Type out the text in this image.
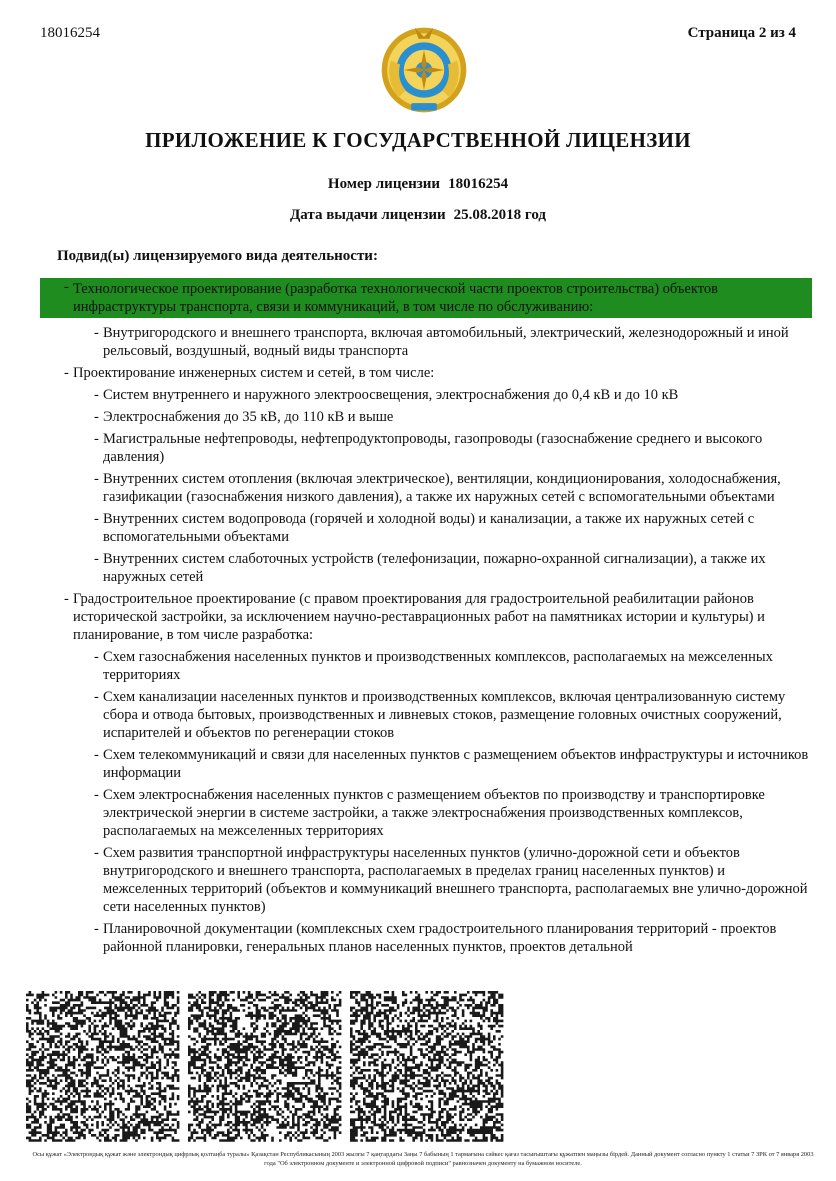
18016254	Страница 2 из 4
ПРИЛОЖЕНИЕ К ГОСУДАРСТВЕННОЙ ЛИЦЕНЗИИ
Номер лицензии 18016254
Дата выдачи лицензии 25.08.2018 год
Подвид(ы) лицензируемого вида деятельности:
- Технологическое проектирование (разработка технологической части проектов строительства) объектов инфраструктуры транспорта, связи и коммуникаций, в том числе по обслуживанию:
- Внутригородского и внешнего транспорта, включая автомобильный, электрический, железнодорожный и иной рельсовый, воздушный, водный виды транспорта
- Проектирование инженерных систем и сетей, в том числе:
- Систем внутреннего и наружного электроосвещения, электроснабжения до 0,4 кВ и до 10 кВ
- Электроснабжения до 35 кВ, до 110 кВ и выше
- Магистральные нефтепроводы, нефтепродуктопроводы, газопроводы (газоснабжение среднего и высокого давления)
- Внутренних систем отопления (включая электрическое), вентиляции, кондиционирования, холодоснабжения, газификации (газоснабжения низкого давления), а также их наружных сетей с вспомогательными объектами
- Внутренних систем водопровода (горячей и холодной воды) и канализации, а также их наружных сетей с вспомогательными объектами
- Внутренних систем слаботочных устройств (телефонизации, пожарно-охранной сигнализации), а также их наружных сетей
- Градостроительное проектирование (с правом проектирования для градостроительной реабилитации районов исторической застройки, за исключением научно-реставрационных работ на памятниках истории и культуры) и планирование, в том числе разработка:
- Схем газоснабжения населенных пунктов и производственных комплексов, располагаемых на межселенных территориях
- Схем канализации населенных пунктов и производственных комплексов, включая централизованную систему сбора и отвода бытовых, производственных и ливневых стоков, размещение головных очистных сооружений, испарителей и объектов по регенерации стоков
- Схем телекоммуникаций и связи для населенных пунктов с размещением объектов инфраструктуры и источников информации
- Схем электроснабжения населенных пунктов с размещением объектов по производству и транспортировке электрической энергии в системе застройки, а также электроснабжения производственных комплексов, располагаемых на межселенных территориях
- Схем развития транспортной инфраструктуры населенных пунктов (улично-дорожной сети и объектов внутригородского и внешнего транспорта, располагаемых в пределах границ населенных пунктов) и межселенных территорий (объектов и коммуникаций внешнего транспорта, располагаемых вне улично-дорожной сети населенных пунктов)
- Планировочной документации (комплексных схем градостроительного планирования территорий - проектов районной планировки, генеральных планов населенных пунктов, проектов детальной
Осы құжат «Электрондық құжат және электрондық цифрлық қолтаңба туралы» Қазақстан Республикасының 2003 жылғы 7 қаңтардағы Заңы 7 бабының 1 тармағына сәйкес қағаз тасығыштағы құжатпен маңызы бірдей. Данный документ согласно пункту 1 статьи 7 ЗРК от 7 января 2003 года "Об электронном документе и электронной цифровой подписи" равнозначен документу на бумажном носителе.
